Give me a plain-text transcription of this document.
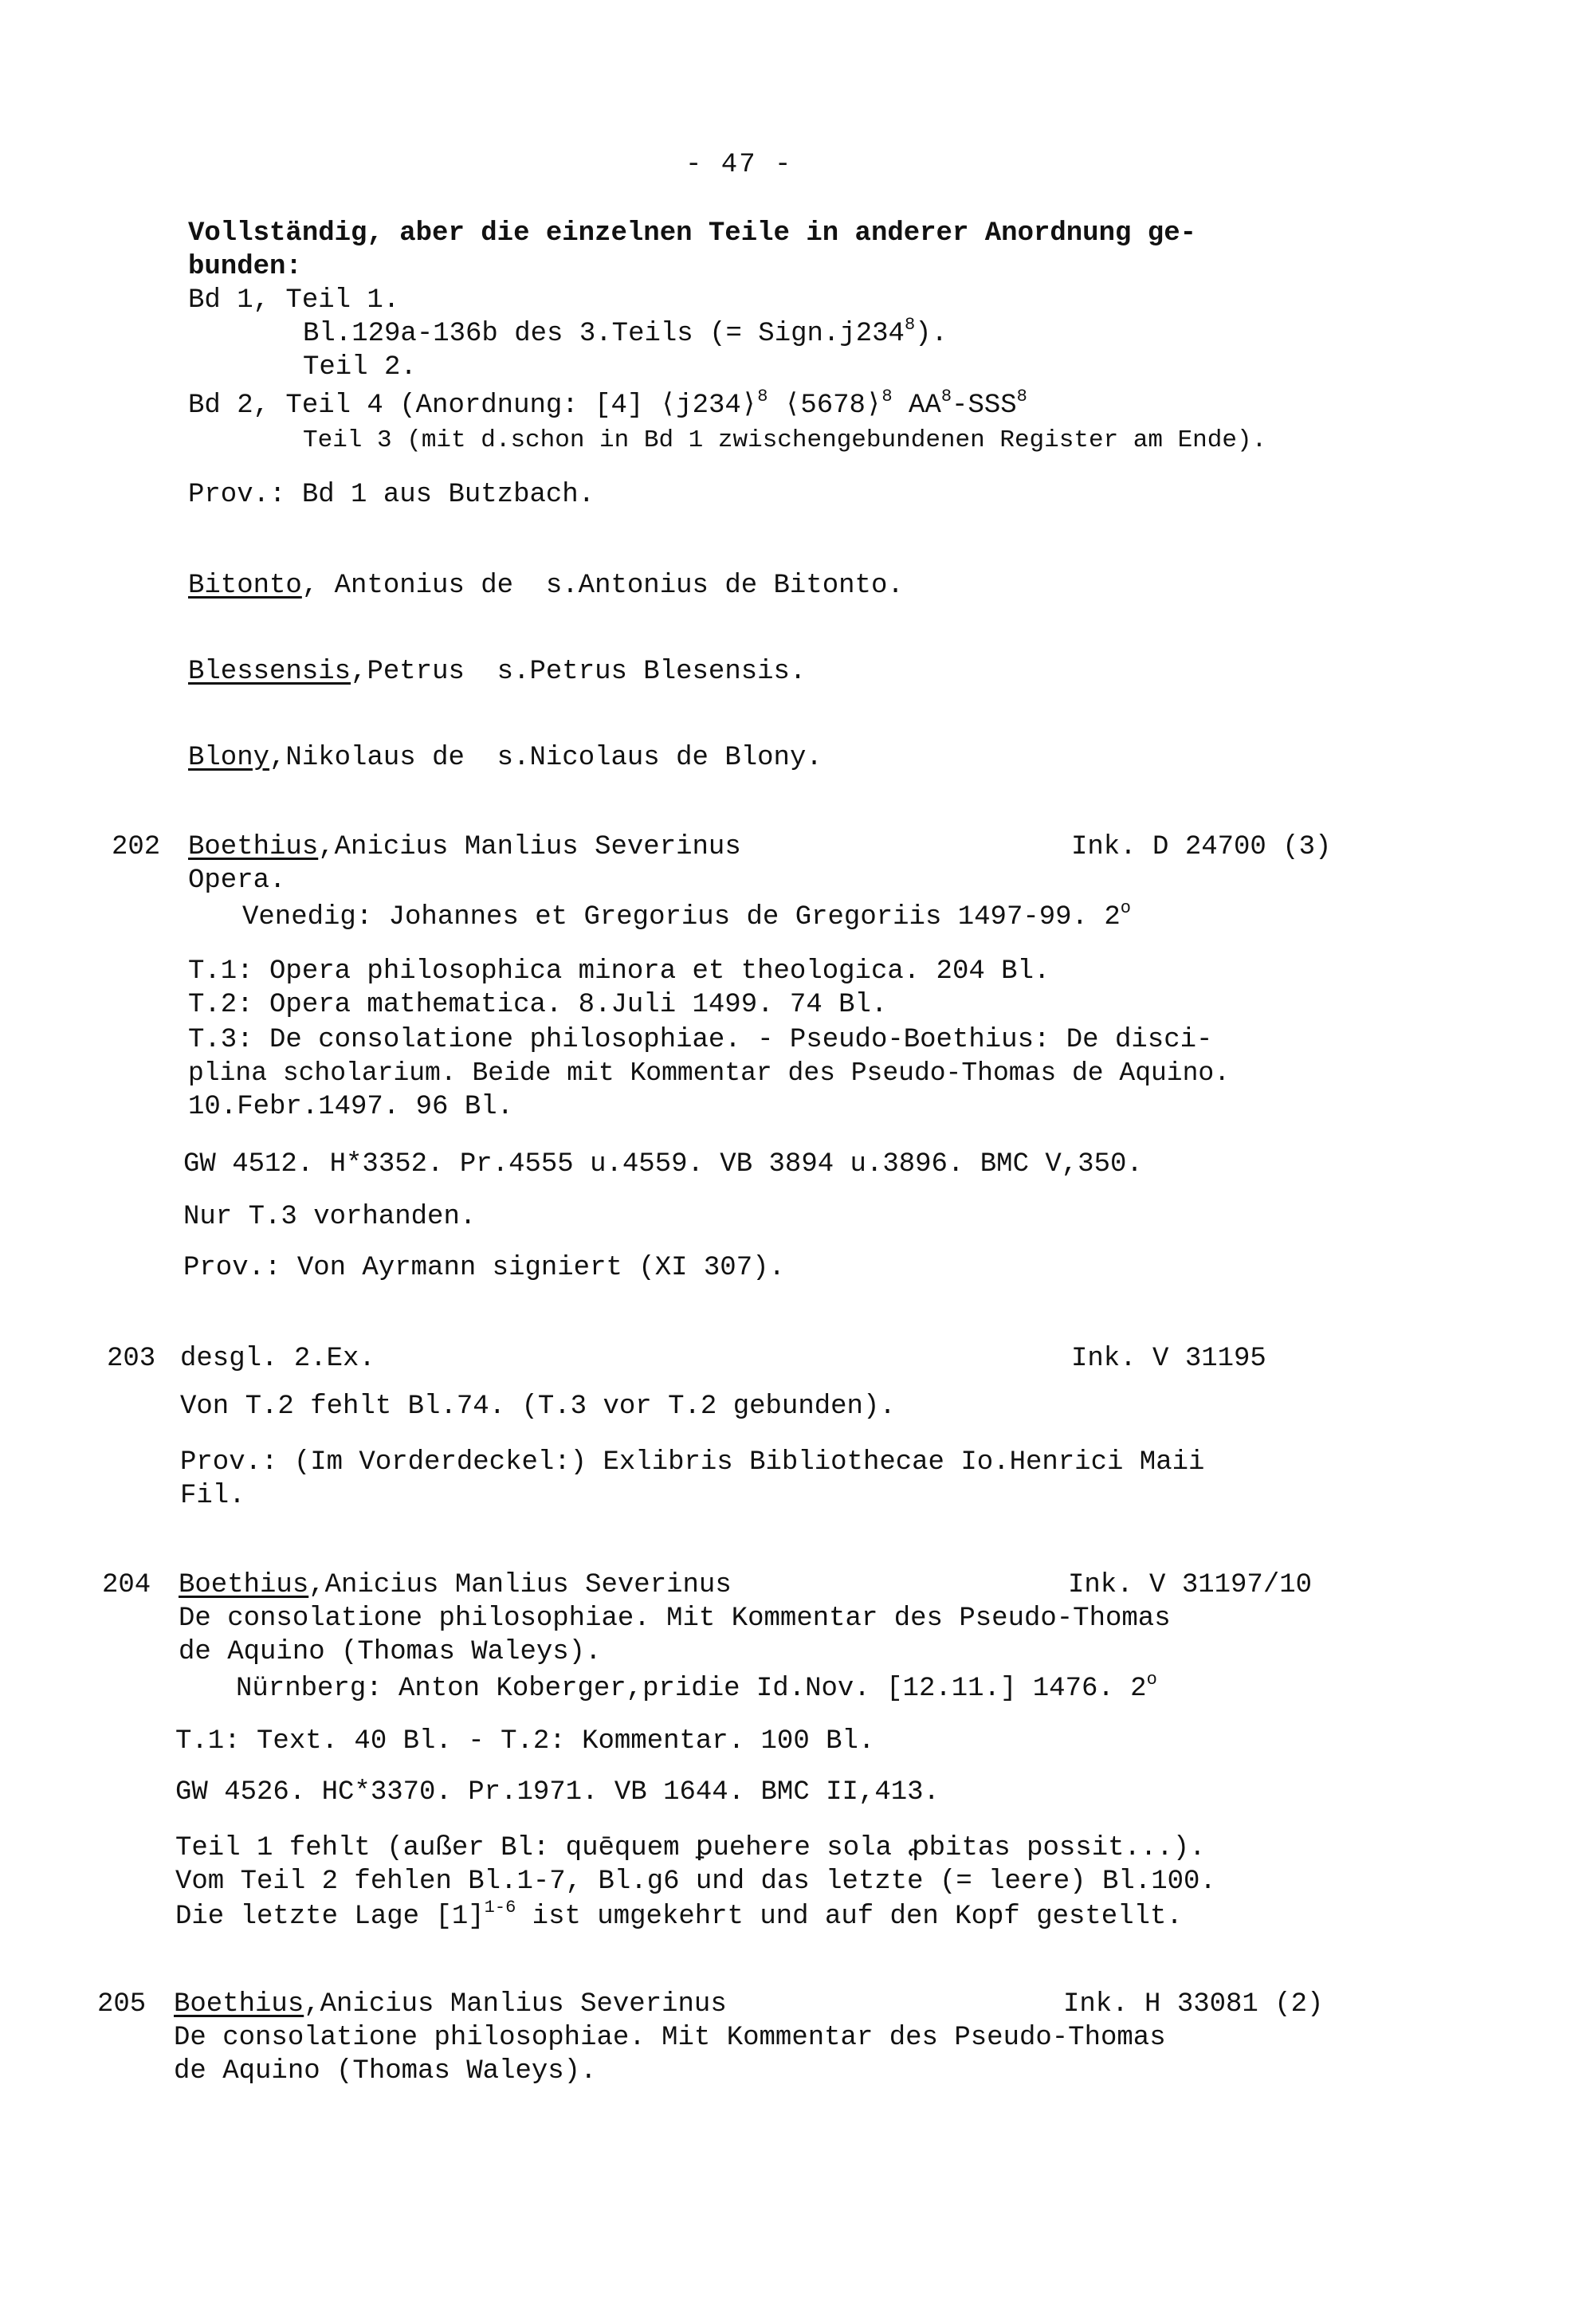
- 47 -
Vollständig, aber die einzelnen Teile in anderer Anordnung ge-
bunden:
Bd 1, Teil 1.
Bl.129a-136b des 3.Teils (= $Sign.j234^8$).
Teil 2.
Bd 2, Teil 4 (Anordnung: [4] ⟨j234⟩$^8$ ⟨5678⟩$^8$ $AA^8-SSS^8$
Teil 3 (mit d.schon in Bd 1 zwischengebundenen Register am Ende).
Prov.: Bd 1 aus Butzbach.
Bitonto, Antonius de  s.Antonius de Bitonto.
Blessensis,Petrus  s.Petrus Blesensis.
Blony,Nikolaus de  s.Nicolaus de Blony.
202 Boethius,Anicius Manlius Severinus	Ink. D 24700 (3)
Opera.
Venedig: Johannes et Gregorius de Gregoriis 1497-99. 2$^o$
T.1: Opera philosophica minora et theologica. 204 Bl.
T.2: Opera mathematica. 8.Juli 1499. 74 Bl.
T.3: De consolatione philosophiae. - Pseudo-Boethius: De disci-
plina scholarium. Beide mit Kommentar des Pseudo-Thomas de Aquino.
10.Febr.1497. 96 Bl.
GW 4512. H*3352. Pr.4555 u.4559. VB 3894 u.3896. BMC V,350.
Nur T.3 vorhanden.
Prov.: Von Ayrmann signiert (XI 307).
203 desgl. 2.Ex.	Ink. V 31195
Von T.2 fehlt Bl.74. (T.3 vor T.2 gebunden).
Prov.: (Im Vorderdeckel:) Exlibris Bibliothecae Io.Henrici Maii
Fil.
204 Boethius,Anicius Manlius Severinus	Ink. V 31197/10
De consolatione philosophiae. Mit Kommentar des Pseudo-Thomas
de Aquino (Thomas Waleys).
Nürnberg: Anton Koberger,pridie Id.Nov. [12.11.] 1476. 2$^o$
T.1: Text. 40 Bl. - T.2: Kommentar. 100 Bl.
GW 4526. HC*3370. Pr.1971. VB 1644. BMC II,413.
Teil 1 fehlt (außer Bl: quēquem ꝑuehere sola ꝓbitas possit...).
Vom Teil 2 fehlen Bl.1-7, Bl.g6 und das letzte (= leere) Bl.100.
Die letzte Lage $[1]^{1-6}$ ist umgekehrt und auf den Kopf gestellt.
205 Boethius,Anicius Manlius Severinus	Ink. H 33081 (2)
De consolatione philosophiae. Mit Kommentar des Pseudo-Thomas
de Aquino (Thomas Waleys).
